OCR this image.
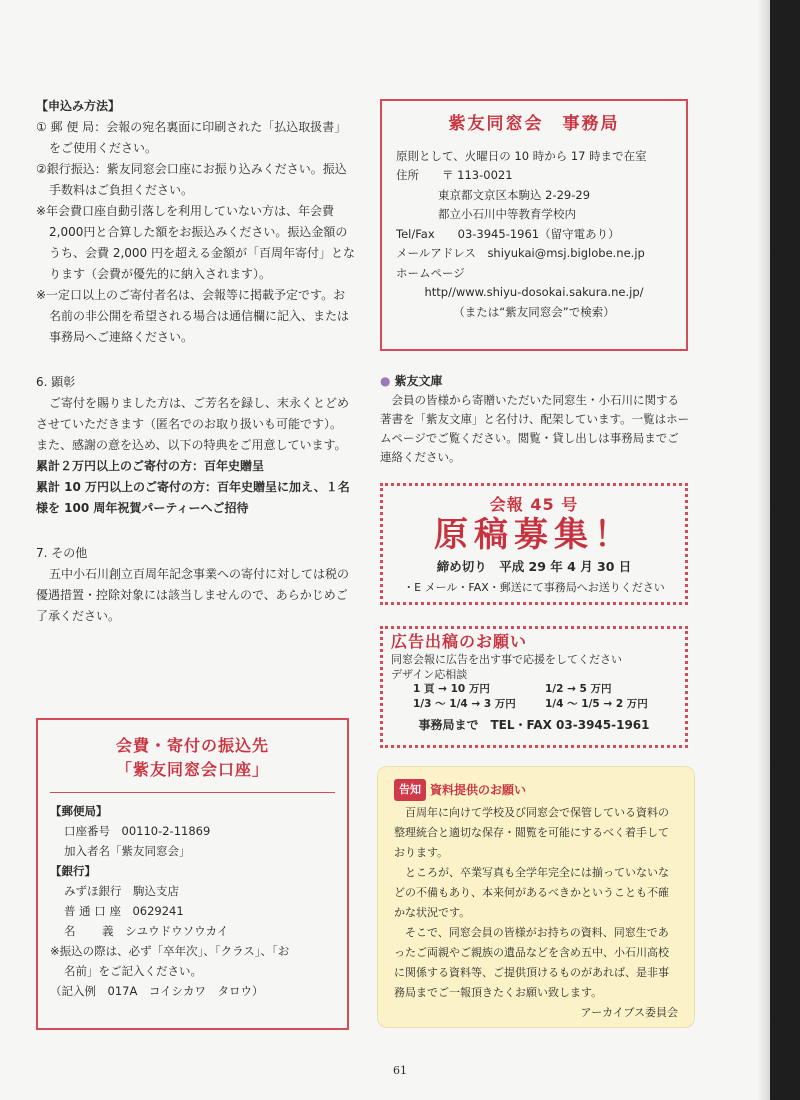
【申込み方法】

① 郵 便 局：会報の宛名裏面に印刷された「払込取扱書」

をご使用ください。

②銀行振込：紫友同窓会口座にお振り込みください。振込

手数料はご負担ください。

※年会費口座自動引落しを利用していない方は、年会費

2,000円と合算した額をお振込みください。振込金額の

うち、会費 2,000 円を超える金額が「百周年寄付」とな

ります（会費が優先的に納入されます）。

※一定口以上のご寄付者名は、会報等に掲載予定です。お

名前の非公開を希望される場合は通信欄に記入、または

事務局へご連絡ください。

6. 顕彰

ご寄付を賜りました方は、ご芳名を録し、末永くとどめ

させていただきます（匿名でのお取り扱いも可能です）。

また、感謝の意を込め、以下の特典をご用意しています。

累計２万円以上のご寄付の方：百年史贈呈

累計 10 万円以上のご寄付の方：百年史贈呈に加え、１名

様を 100 周年祝賀パーティーへご招待

7. その他

五中小石川創立百周年記念事業への寄付に対しては税の

優遇措置・控除対象には該当しませんので、あらかじめご

了承ください。

紫友同窓会　事務局
原則として、火曜日の 10 時から 17 時まで在室
住所　　 〒 113-0021
東京都文京区本駒込 2-29-29
都立小石川中等教育学校内
Tel/Fax　　 03-3945-1961（留守電あり）
メールアドレス　 shiyukai@msj.biglobe.ne.jp
ホームページ
http//www.shiyu-dosokai.sakura.ne.jp/
（または“紫友同窓会”で検索）
● 紫友文庫

会員の皆様から寄贈いただいた同窓生・小石川に関する

著書を「紫友文庫」と名付け、配架しています。一覧はホー

ムページでご覧ください。閲覧・貸し出しは事務局までご

連絡ください。

会報 45 号
原稿募集！
締め切り　平成 29 年 4 月 30 日
・E メール・FAX・郵送にて事務局へお送りください
広告出稿のお願い
同窓会報に広告を出す事で応援をしてください
デザイン応相談
1 頁 → 10 万円	1/2 → 5 万円
1/3 〜 1/4 → 3 万円	1/4 〜 1/5 → 2 万円
事務局まで　TEL・FAX 03-3945-1961
会費・寄付の振込先
「紫友同窓会口座」
【郵便局】
口座番号　00110-2-11869
加入者名「紫友同窓会」
【銀行】
みずほ銀行　駒込支店
普 通 口 座　0629241
名　　 義　シユウドウソウカイ
※振込の際は、必ず「卒年次」、「クラス」、「お
名前」をご記入ください。
（記入例　017A　コイシカワ　タロウ）
告知 資料提供のお願い

百周年に向けて学校及び同窓会で保管している資料の整理統合と適切な保存・閲覧を可能にするべく着手しております。

ところが、卒業写真も全学年完全には揃っていないなどの不備もあり、本来何があるべきかということも不確かな状況です。

そこで、同窓会員の皆様がお持ちの資料、同窓生であったご両親やご親族の遺品などを含め五中、小石川高校に関係する資料等、ご提供頂けるものがあれば、是非事務局までご一報頂きたくお願い致します。

アーカイブス委員会
61
